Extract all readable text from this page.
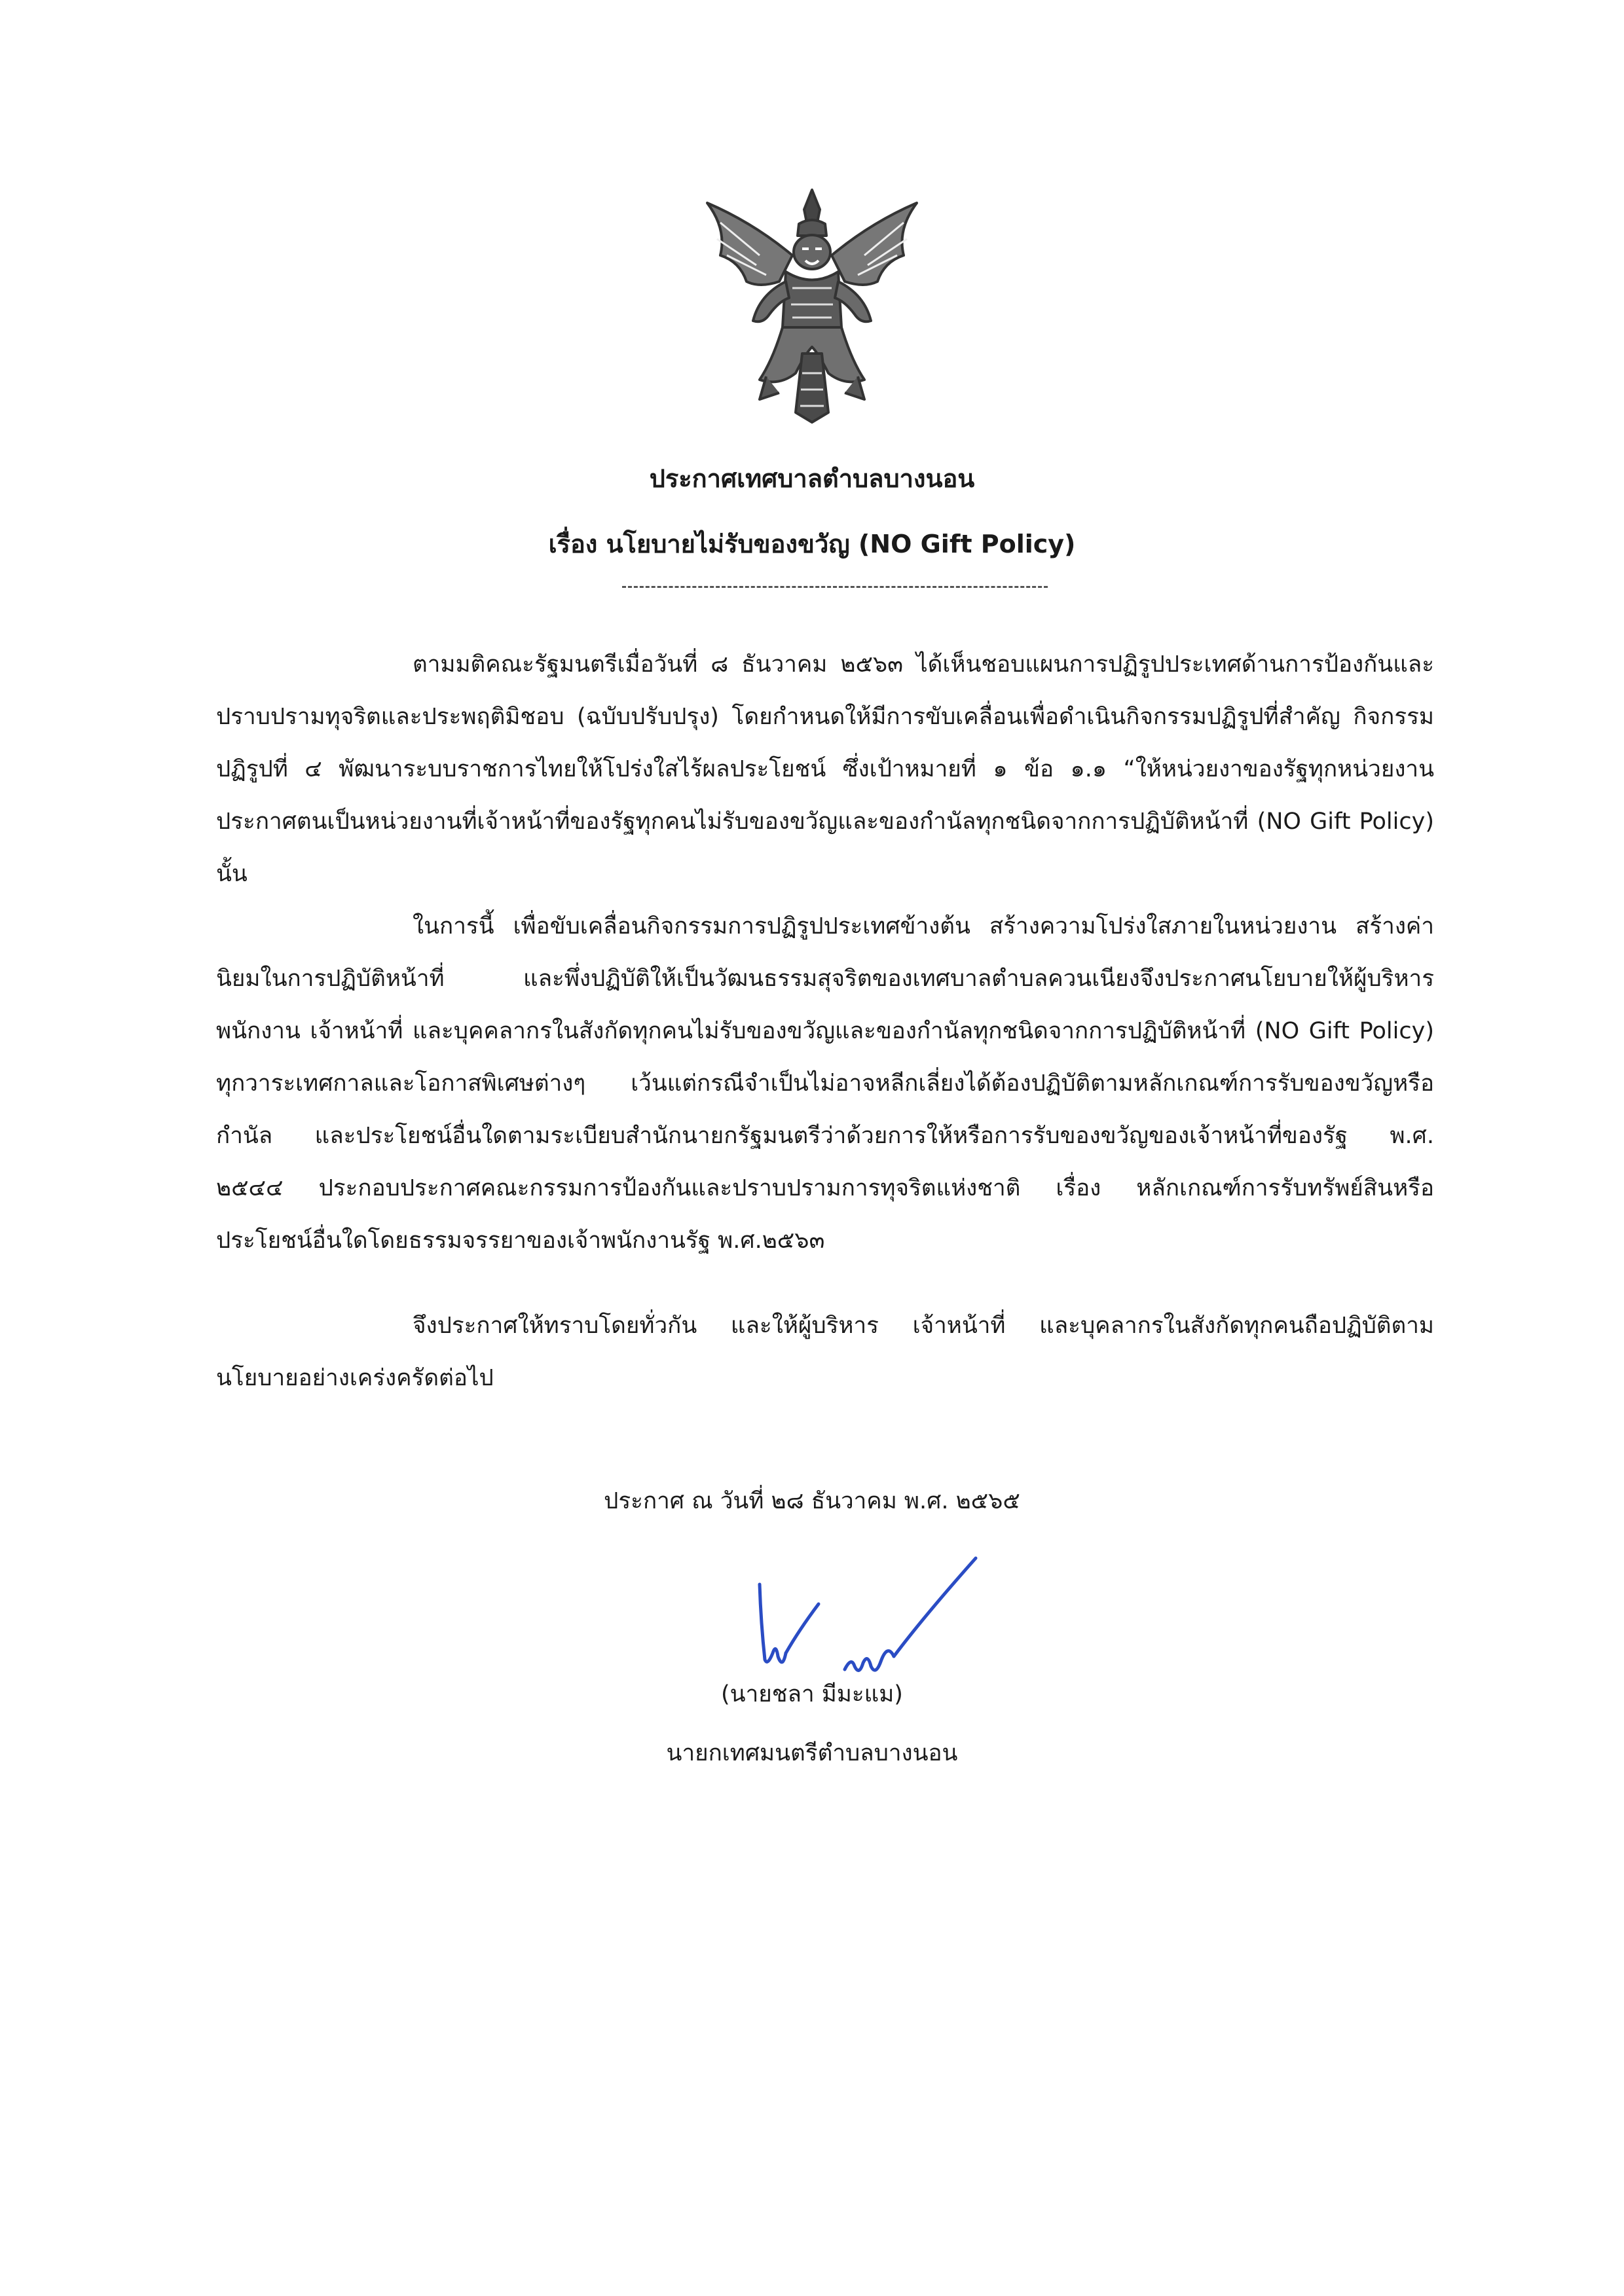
ประกาศเทศบาลตำบลบางนอน
เรื่อง นโยบายไม่รับของขวัญ (NO Gift Policy)
ตามมติคณะรัฐมนตรีเมื่อวันที่ ๘ ธันวาคม ๒๕๖๓ ได้เห็นชอบแผนการปฏิรูปประเทศด้านการป้องกันและปราบปรามทุจริตและประพฤติมิชอบ (ฉบับปรับปรุง) โดยกำหนดให้มีการขับเคลื่อนเพื่อดำเนินกิจกรรมปฏิรูปที่สำคัญ กิจกรรมปฏิรูปที่ ๔ พัฒนาระบบราชการไทยให้โปร่งใสไร้ผลประโยชน์ ซึ่งเป้าหมายที่ ๑ ข้อ ๑.๑ “ให้หน่วยงาของรัฐทุกหน่วยงานประกาศตนเป็นหน่วยงานที่เจ้าหน้าที่ของรัฐทุกคนไม่รับของขวัญและของกำนัลทุกชนิดจากการปฏิบัติหน้าที่ (NO Gift Policy) นั้น
ในการนี้ เพื่อขับเคลื่อนกิจกรรมการปฏิรูปประเทศข้างต้น สร้างความโปร่งใสภายในหน่วยงาน สร้างค่านิยมในการปฏิบัติหน้าที่ และพึ่งปฏิบัติให้เป็นวัฒนธรรมสุจริตของเทศบาลตำบลควนเนียงจึงประกาศนโยบายให้ผู้บริหาร พนักงาน เจ้าหน้าที่ และบุคคลากรในสังกัดทุกคนไม่รับของขวัญและของกำนัลทุกชนิดจากการปฏิบัติหน้าที่ (NO Gift Policy) ทุกวาระเทศกาลและโอกาสพิเศษต่างๆ เว้นแต่กรณีจำเป็นไม่อาจหลีกเลี่ยงได้ต้องปฏิบัติตามหลักเกณฑ์การรับของขวัญหรือกำนัล และประโยชน์อื่นใดตามระเบียบสำนักนายกรัฐมนตรีว่าด้วยการให้หรือการรับของขวัญของเจ้าหน้าที่ของรัฐ พ.ศ. ๒๕๔๔ ประกอบประกาศคณะกรรมการป้องกันและปราบปรามการทุจริตแห่งชาติ เรื่อง หลักเกณฑ์การรับทรัพย์สินหรือประโยชน์อื่นใดโดยธรรมจรรยาของเจ้าพนักงานรัฐ พ.ศ.๒๕๖๓
จึงประกาศให้ทราบโดยทั่วกัน และให้ผู้บริหาร เจ้าหน้าที่ และบุคลากรในสังกัดทุกคนถือปฏิบัติตามนโยบายอย่างเคร่งครัดต่อไป
ประกาศ ณ วันที่ ๒๘ ธันวาคม พ.ศ. ๒๕๖๕
(นายชลา มีมะแม)
นายกเทศมนตรีตำบลบางนอน
